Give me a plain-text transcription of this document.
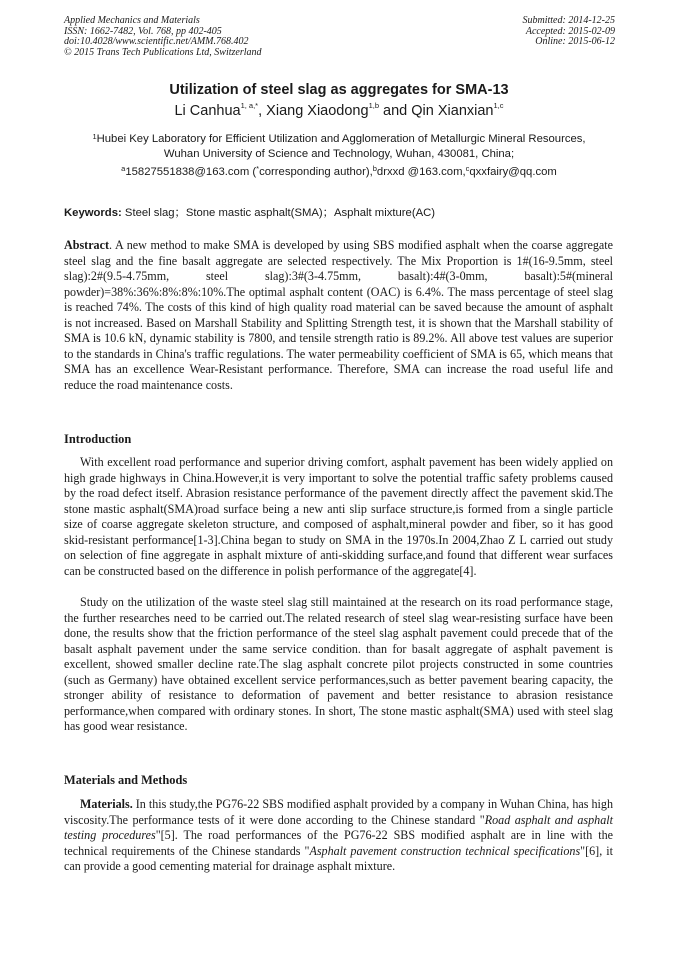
Applied Mechanics and Materials
ISSN: 1662-7482, Vol. 768, pp 402-405
doi:10.4028/www.scientific.net/AMM.768.402
© 2015 Trans Tech Publications Ltd, Switzerland
Submitted: 2014-12-25
Accepted: 2015-02-09
Online: 2015-06-12
Utilization of steel slag as aggregates for SMA-13
Li Canhua$^{1, a,*}$, Xiang Xiaodong$^{1,b}$ and Qin Xianxian$^{1,c}$
$^1$Hubei Key Laboratory for Efficient Utilization and Agglomeration of Metallurgic Mineral Resources,
Wuhan University of Science and Technology, Wuhan, 430081, China;
$^a$15827551838@163.com (*corresponding author),$^b$drxxd @163.com,$^c$qxxfairy@qq.com
Keywords: Steel slag；Stone mastic asphalt(SMA)；Asphalt mixture(AC)
Abstract. A new method to make SMA is developed by using SBS modified asphalt when the coarse aggregate steel slag and the fine basalt aggregate are selected respectively. The Mix Proportion is 1#(16-9.5mm, steel slag):2#(9.5-4.75mm, steel slag):3#(3-4.75mm, basalt):4#(3-0mm, basalt):5#(mineral powder)=38%:36%:8%:8%:10%.The optimal asphalt content (OAC) is 6.4%. The mass percentage of steel slag is reached 74%. The costs of this kind of high quality road material can be saved because the amount of asphalt is not increased. Based on Marshall Stability and Splitting Strength test, it is shown that the Marshall stability of SMA is 10.6 kN, dynamic stability is 7800, and tensile strength ratio is 89.2%. All above test values are superior to the standards in China's traffic regulations. The water permeability coefficient of SMA is 65, which means that SMA has an excellence Wear-Resistant performance. Therefore, SMA can increase the road useful life and reduce the road maintenance costs.
Introduction
With excellent road performance and superior driving comfort, asphalt pavement has been widely applied on high grade highways in China.However,it is very important to solve the potential traffic safety problems caused by the road defect itself. Abrasion resistance performance of the pavement directly affect the pavement skid.The stone mastic asphalt(SMA)road surface being a new anti slip surface structure,is formed from a single particle size of coarse aggregate skeleton structure, and composed of asphalt,mineral powder and fiber, so it has good skid-resistant performance[1-3].China began to study on SMA in the 1970s.In 2004,Zhao Z L carried out study on selection of fine aggregate in asphalt mixture of anti-skidding surface,and found that different wear surfaces can be constructed based on the difference in polish performance of the aggregate[4].
Study on the utilization of the waste steel slag still maintained at the research on its road performance stage, the further researches need to be carried out.The related research of steel slag wear-resisting surface have been done, the results show that the friction performance of the steel slag asphalt pavement could precede that of the basalt asphalt pavement under the same service condition. than for basalt aggregate of asphalt pavement is excellent, showed smaller decline rate.The slag asphalt concrete pilot projects constructed in some countries (such as Germany) have obtained excellent service performances,such as better pavement bearing capacity, the stronger ability of resistance to deformation of pavement and better resistance to abrasion resistance performance,when compared with ordinary stones. In short, The stone mastic asphalt(SMA) used with steel slag has good wear resistance.
Materials and Methods
Materials. In this study,the PG76-22 SBS modified asphalt provided by a company in Wuhan China, has high viscosity.The performance tests of it were done according to the Chinese standard "Road asphalt and asphalt testing procedures"[5]. The road performances of the PG76-22 SBS modified asphalt are in line with the technical requirements of the Chinese standards "Asphalt pavement construction technical specifications"[6], it can provide a good cementing material for drainage asphalt mixture.
